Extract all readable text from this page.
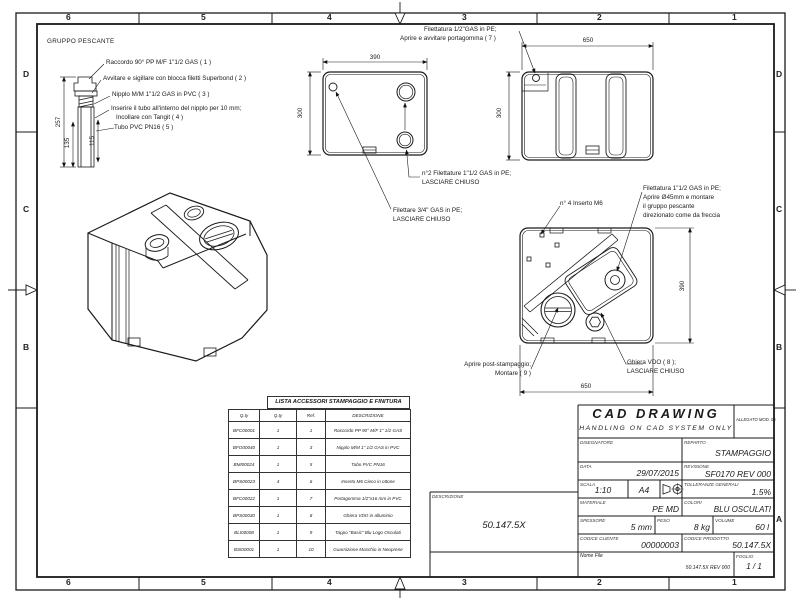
6	5	4	3	2	1
6	5	4	3	2	1
D
C
B
D
C
B
A
GRUPPO PESCANTE
Raccordo 90° PP M/F 1"1/2 GAS ( 1 )
Avvitare e sigillare con blocca filetti Superbond ( 2 )
Nipplo M/M 1"1/2 GAS in PVC ( 3 )
Inserire il tubo all'interno del nipplo per 10 mm;
Incollare con Tangit ( 4 )
Tubo PVC PN16 ( 5 )
257
135	115
390
300
n°2 Filettature 1"1/2 GAS in PE;
LASCIARE CHIUSO
Filettare 3/4" GAS in PE;
LASCIARE CHIUSO
Filettatura 1/2"GAS in PE;
Aprire e avvitare portagomma ( 7 )	650
300
n° 4 Inserto M6
Filettatura 1"1/2 GAS in PE;
Aprire Ø45mm e montare
il gruppo pescante
direzionato come da freccia
390
Ghiera VDO ( 8 );
LASCIARE CHIUSO
Aprire post-stampaggio;
Montare ( 9 )
650
LISTA ACCESSORI STAMPAGGIO E FINITURA
Q.ty	Q.ty	Ref.	DESCRIZIONE
BFC00001	1	1	Raccordo PP 90° M/F 1" 1/2 GAS
BFO00040	1	3	Nipplo M/M 1" 1/2 GAS in PVC
BMI00024	1	5	Tubo PVC PN16
BPS00023	4	6	Inserto M6 Cieco in ottone
BFC00022	1	7	Portagomma 1/2"x16 mm in PVC
BPS00030	1	8	Ghiera VDO in alluminio
BLI00008	1	9	Tappo "Basic" Blu Logo Osculati
BSI00001	1	10	Guarnizione Maschio in Neoprene
CAD DRAWING
HANDLING ON CAD SYSTEM ONLY
ALLEGATO MOD. 05
DISEGNATORE	REPARTO
STAMPAGGIO
DATA
29/07/2015
REVISIONE
SF0170 REV 000
SCALA
1:10	A4
TOLLERANZE GENERALI
1.5%
MATERIALE
PE MD
COLORI
BLU OSCULATI
SPESSORE
5 mm
PESO
8 kg
VOLUME
60 l
CODICE CLIENTE
00000003
CODICE PRODOTTO
50.147.5X
Nome File
50.147.5X REV 000
FOGLIO
1 / 1
DESCRIZIONE
50.147.5X
